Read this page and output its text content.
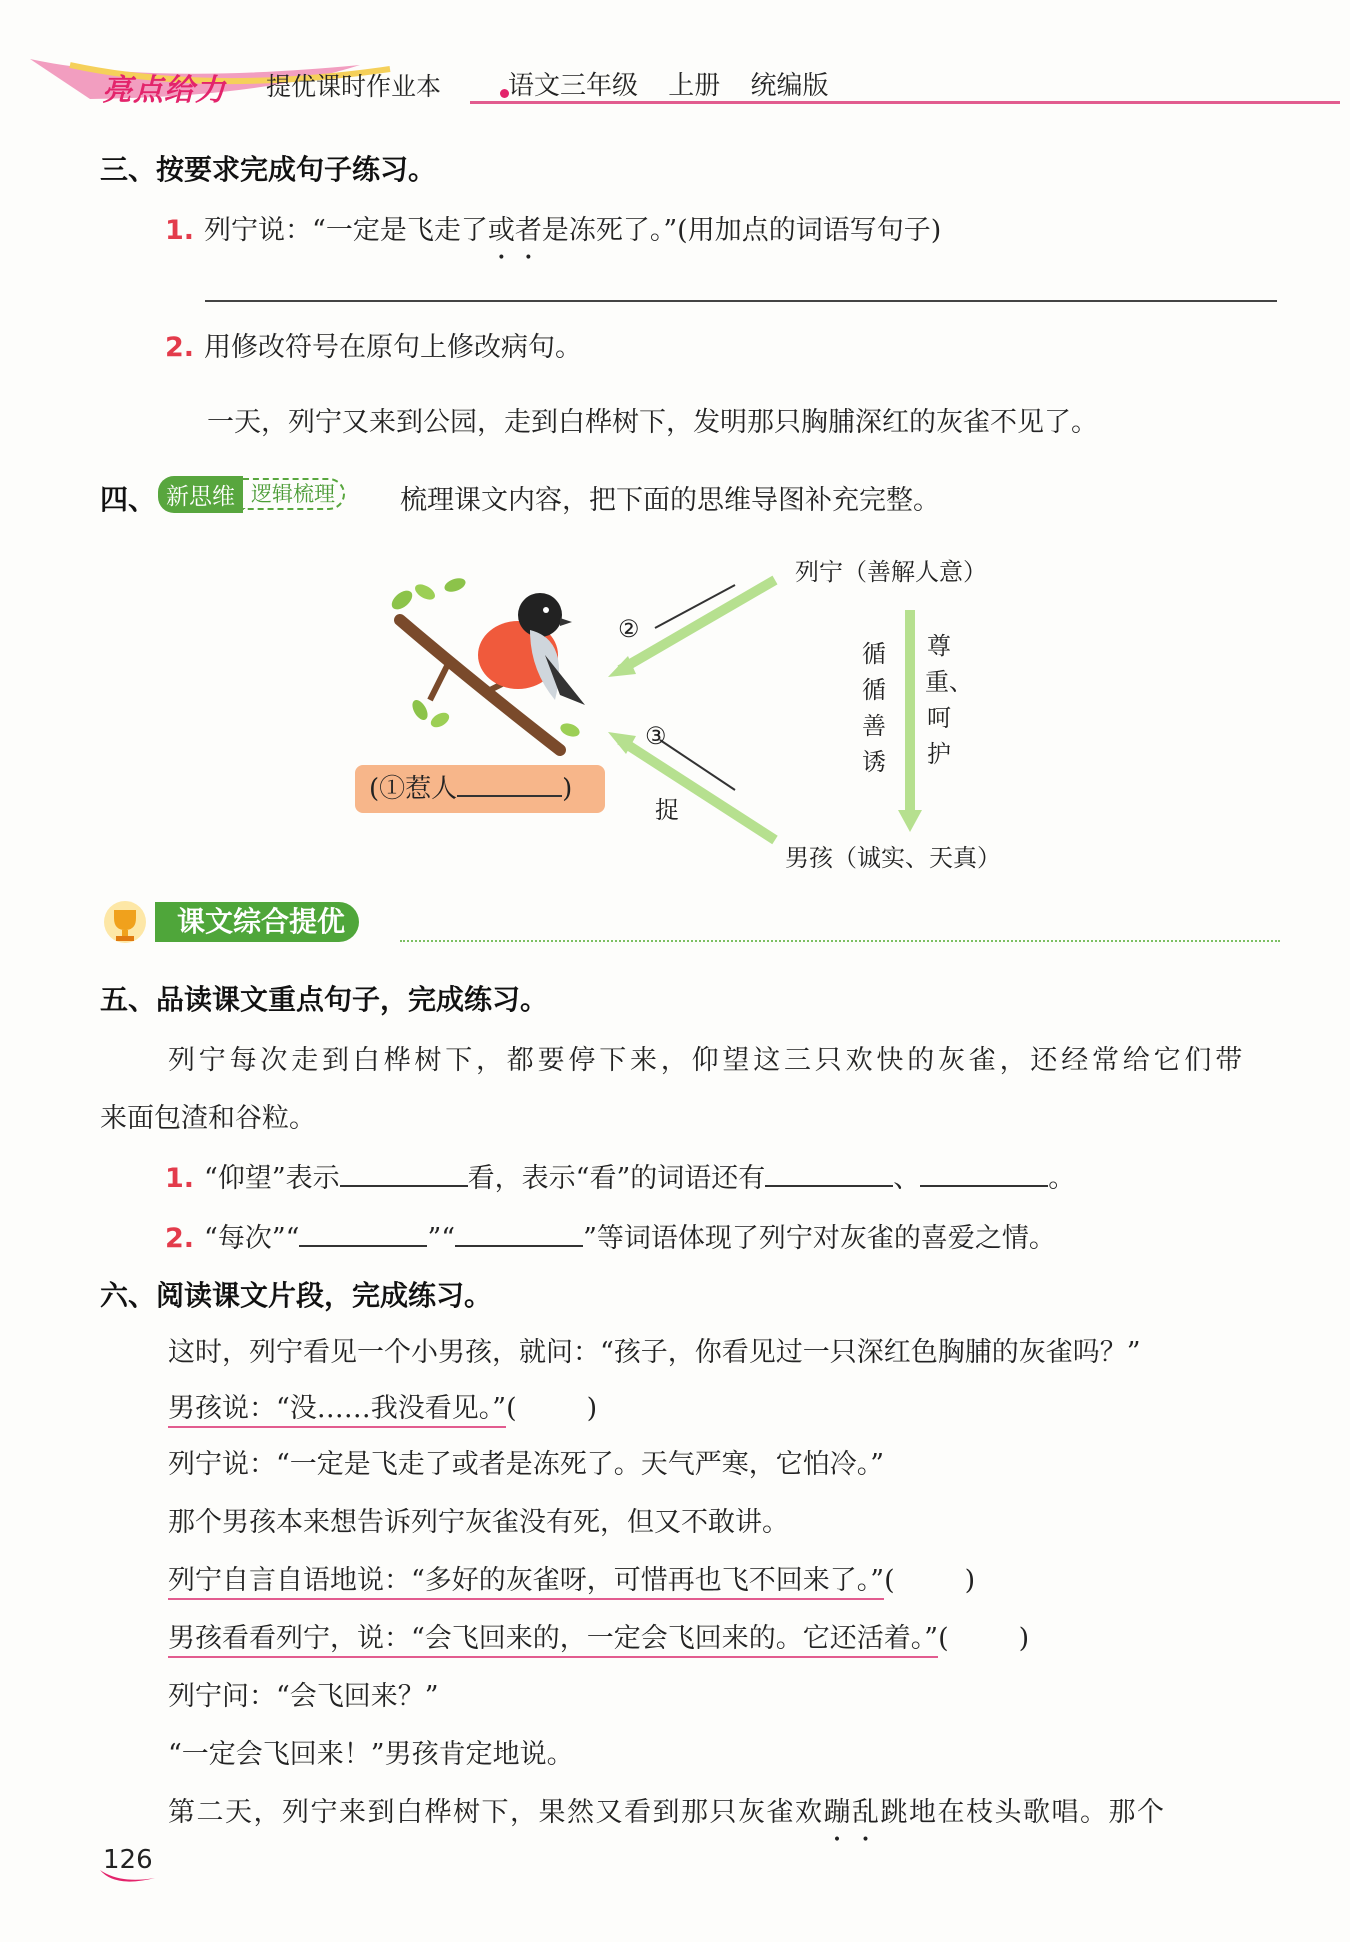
亮点给力 提优课时作业本	语文三年级 上册 统编版
三、按要求完成句子练习。
1. 列宁说：“一定是飞走了或者是冻死了。”(用加点的词语写句子)
2. 用修改符号在原句上修改病句。
一天，列宁又来到公园，走到白桦树下，发明那只胸脯深红的灰雀不见了。
四、 新思维 逻辑梳理	梳理课文内容，把下面的思维导图补充完整。
列宁（善解人意）
男孩（诚实、天真）
②
③
捉
循循善诱
尊重、呵护
(①惹人	)
课文综合提优
五、品读课文重点句子，完成练习。
列宁每次走到白桦树下，都要停下来，仰望这三只欢快的灰雀，还经常给它们带
来面包渣和谷粒。
1. “仰望”表示	看，表示“看”的词语还有	、	。
2. “每次”“	”“	”等词语体现了列宁对灰雀的喜爱之情。
六、阅读课文片段，完成练习。
这时，列宁看见一个小男孩，就问：“孩子，你看见过一只深红色胸脯的灰雀吗？”
男孩说：“没……我没看见。”(	)
列宁说：“一定是飞走了或者是冻死了。天气严寒，它怕冷。”
那个男孩本来想告诉列宁灰雀没有死，但又不敢讲。
列宁自言自语地说：“多好的灰雀呀，可惜再也飞不回来了。”(	)
男孩看看列宁，说：“会飞回来的，一定会飞回来的。它还活着。”(	)
列宁问：“会飞回来？”
“一定会飞回来！”男孩肯定地说。
第二天，列宁来到白桦树下，果然又看到那只灰雀欢蹦乱跳地在枝头歌唱。那个
126
